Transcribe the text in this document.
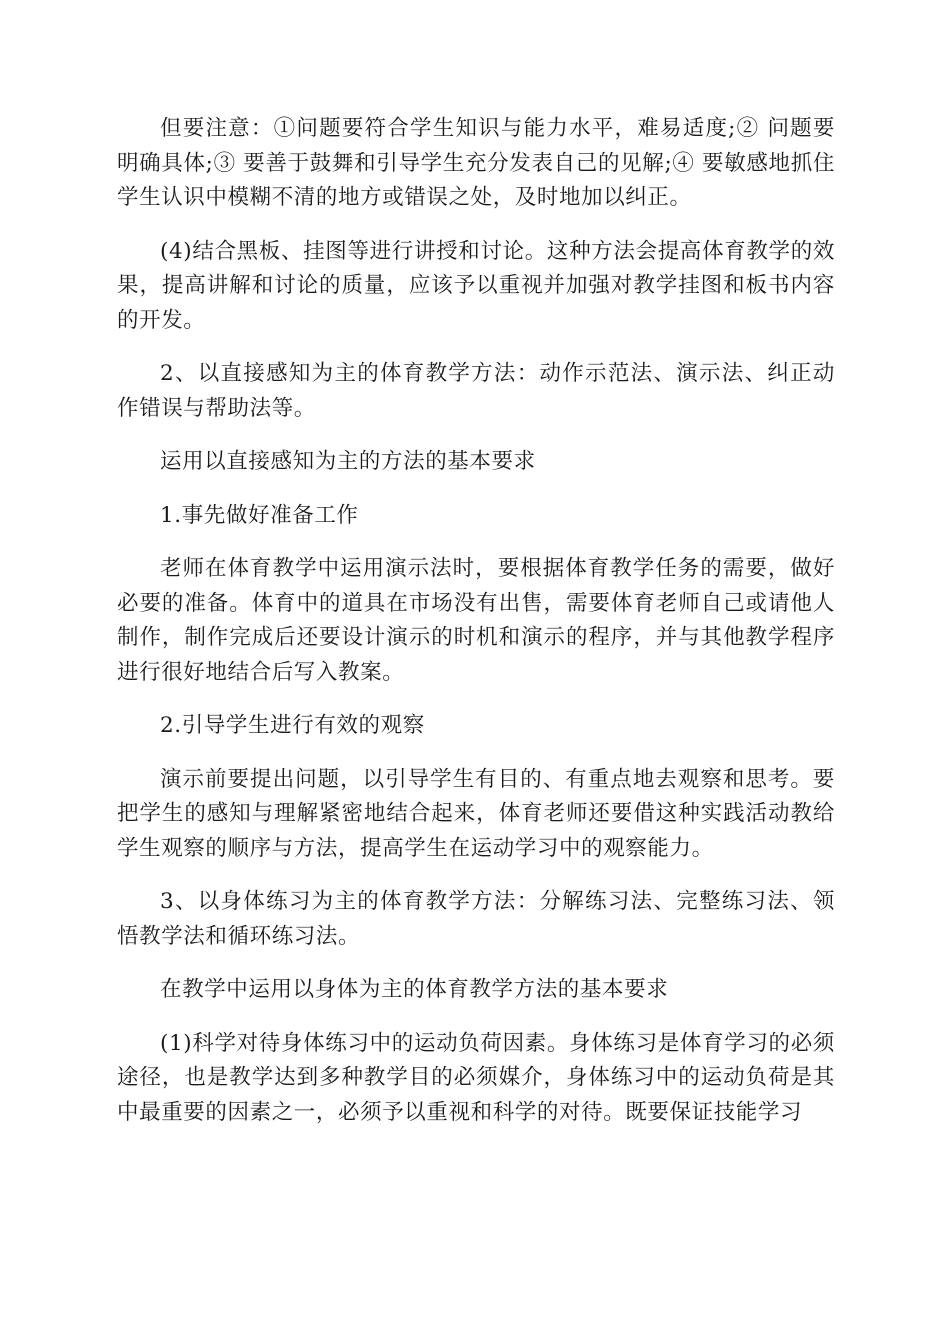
但要注意：①问题要符合学生知识与能力水平，难易适度;② 问题要明确具体;③ 要善于鼓舞和引导学生充分发表自己的见解;④ 要敏感地抓住学生认识中模糊不清的地方或错误之处，及时地加以纠正。

(4)结合黑板、挂图等进行讲授和讨论。这种方法会提高体育教学的效果，提高讲解和讨论的质量，应该予以重视并加强对教学挂图和板书内容的开发。

2、以直接感知为主的体育教学方法：动作示范法、演示法、纠正动作错误与帮助法等。

运用以直接感知为主的方法的基本要求

1.事先做好准备工作

老师在体育教学中运用演示法时，要根据体育教学任务的需要，做好必要的准备。体育中的道具在市场没有出售，需要体育老师自己或请他人制作，制作完成后还要设计演示的时机和演示的程序，并与其他教学程序进行很好地结合后写入教案。

2.引导学生进行有效的观察

演示前要提出问题，以引导学生有目的、有重点地去观察和思考。要把学生的感知与理解紧密地结合起来，体育老师还要借这种实践活动教给学生观察的顺序与方法，提高学生在运动学习中的观察能力。

3、以身体练习为主的体育教学方法：分解练习法、完整练习法、领悟教学法和循环练习法。

在教学中运用以身体为主的体育教学方法的基本要求

(1)科学对待身体练习中的运动负荷因素。身体练习是体育学习的必须途径，也是教学达到多种教学目的必须媒介，身体练习中的运动负荷是其中最重要的因素之一，必须予以重视和科学的对待。既要保证技能学习
